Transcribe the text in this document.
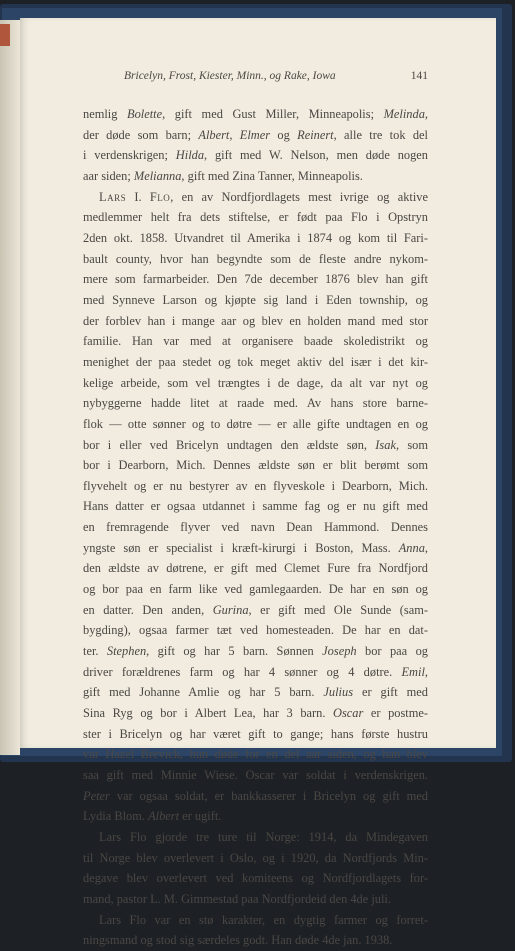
Bricelyn, Frost, Kiester, Minn., og Rake, Iowa	141
nemlig Bolette, gift med Gust Miller, Minneapolis; Melinda,
der døde som barn; Albert, Elmer og Reinert, alle tre tok del
i verdenskrigen; Hilda, gift med W. Nelson, men døde nogen
aar siden; Melianna, gift med Zina Tanner, Minneapolis.
Lars I. Flo, en av Nordfjordlagets mest ivrige og aktive
medlemmer helt fra dets stiftelse, er født paa Flo i Opstryn
2den okt. 1858. Utvandret til Amerika i 1874 og kom til Fari-
bault county, hvor han begyndte som de fleste andre nykom-
mere som farmarbeider. Den 7de december 1876 blev han gift
med Synneve Larson og kjøpte sig land i Eden township, og
der forblev han i mange aar og blev en holden mand med stor
familie. Han var med at organisere baade skoledistrikt og
menighet der paa stedet og tok meget aktiv del især i det kir-
kelige arbeide, som vel trængtes i de dage, da alt var nyt og
nybyggerne hadde litet at raade med. Av hans store barne-
flok — otte sønner og to døtre — er alle gifte undtagen en og
bor i eller ved Bricelyn undtagen den ældste søn, Isak, som
bor i Dearborn, Mich. Dennes ældste søn er blit berømt som
flyvehelt og er nu bestyrer av en flyveskole i Dearborn, Mich.
Hans datter er ogsaa utdannet i samme fag og er nu gift med
en fremragende flyver ved navn Dean Hammond. Dennes
yngste søn er specialist i kræft-kirurgi i Boston, Mass. Anna,
den ældste av døtrene, er gift med Clemet Fure fra Nordfjord
og bor paa en farm like ved gamlegaarden. De har en søn og
en datter. Den anden, Gurina, er gift med Ole Sunde (sam-
bygding), ogsaa farmer tæt ved homesteaden. De har en dat-
ter. Stephen, gift og har 5 barn. Sønnen Joseph bor paa og
driver forældrenes farm og har 4 sønner og 4 døtre. Emil,
gift med Johanne Amlie og har 5 barn. Julius er gift med
Sina Ryg og bor i Albert Lea, har 3 barn. Oscar er postme-
ster i Bricelyn og har været gift to gange; hans første hustru
var Hazel Brevick, hun døde for en del aar siden, og han blev
saa gift med Minnie Wiese. Oscar var soldat i verdenskrigen.
Peter var ogsaa soldat, er bankkasserer i Bricelyn og gift med
Lydia Blom. Albert er ugift.
Lars Flo gjorde tre ture til Norge: 1914, da Mindegaven
til Norge blev overlevert i Oslo, og i 1920, da Nordfjords Min-
degave blev overlevert ved komiteens og Nordfjordlagets for-
mand, pastor L. M. Gimmestad paa Nordfjordeid den 4de juli.
Lars Flo var en stø karakter, en dygtig farmer og forret-
ningsmand og stod sig særdeles godt. Han døde 4de jan. 1938.
